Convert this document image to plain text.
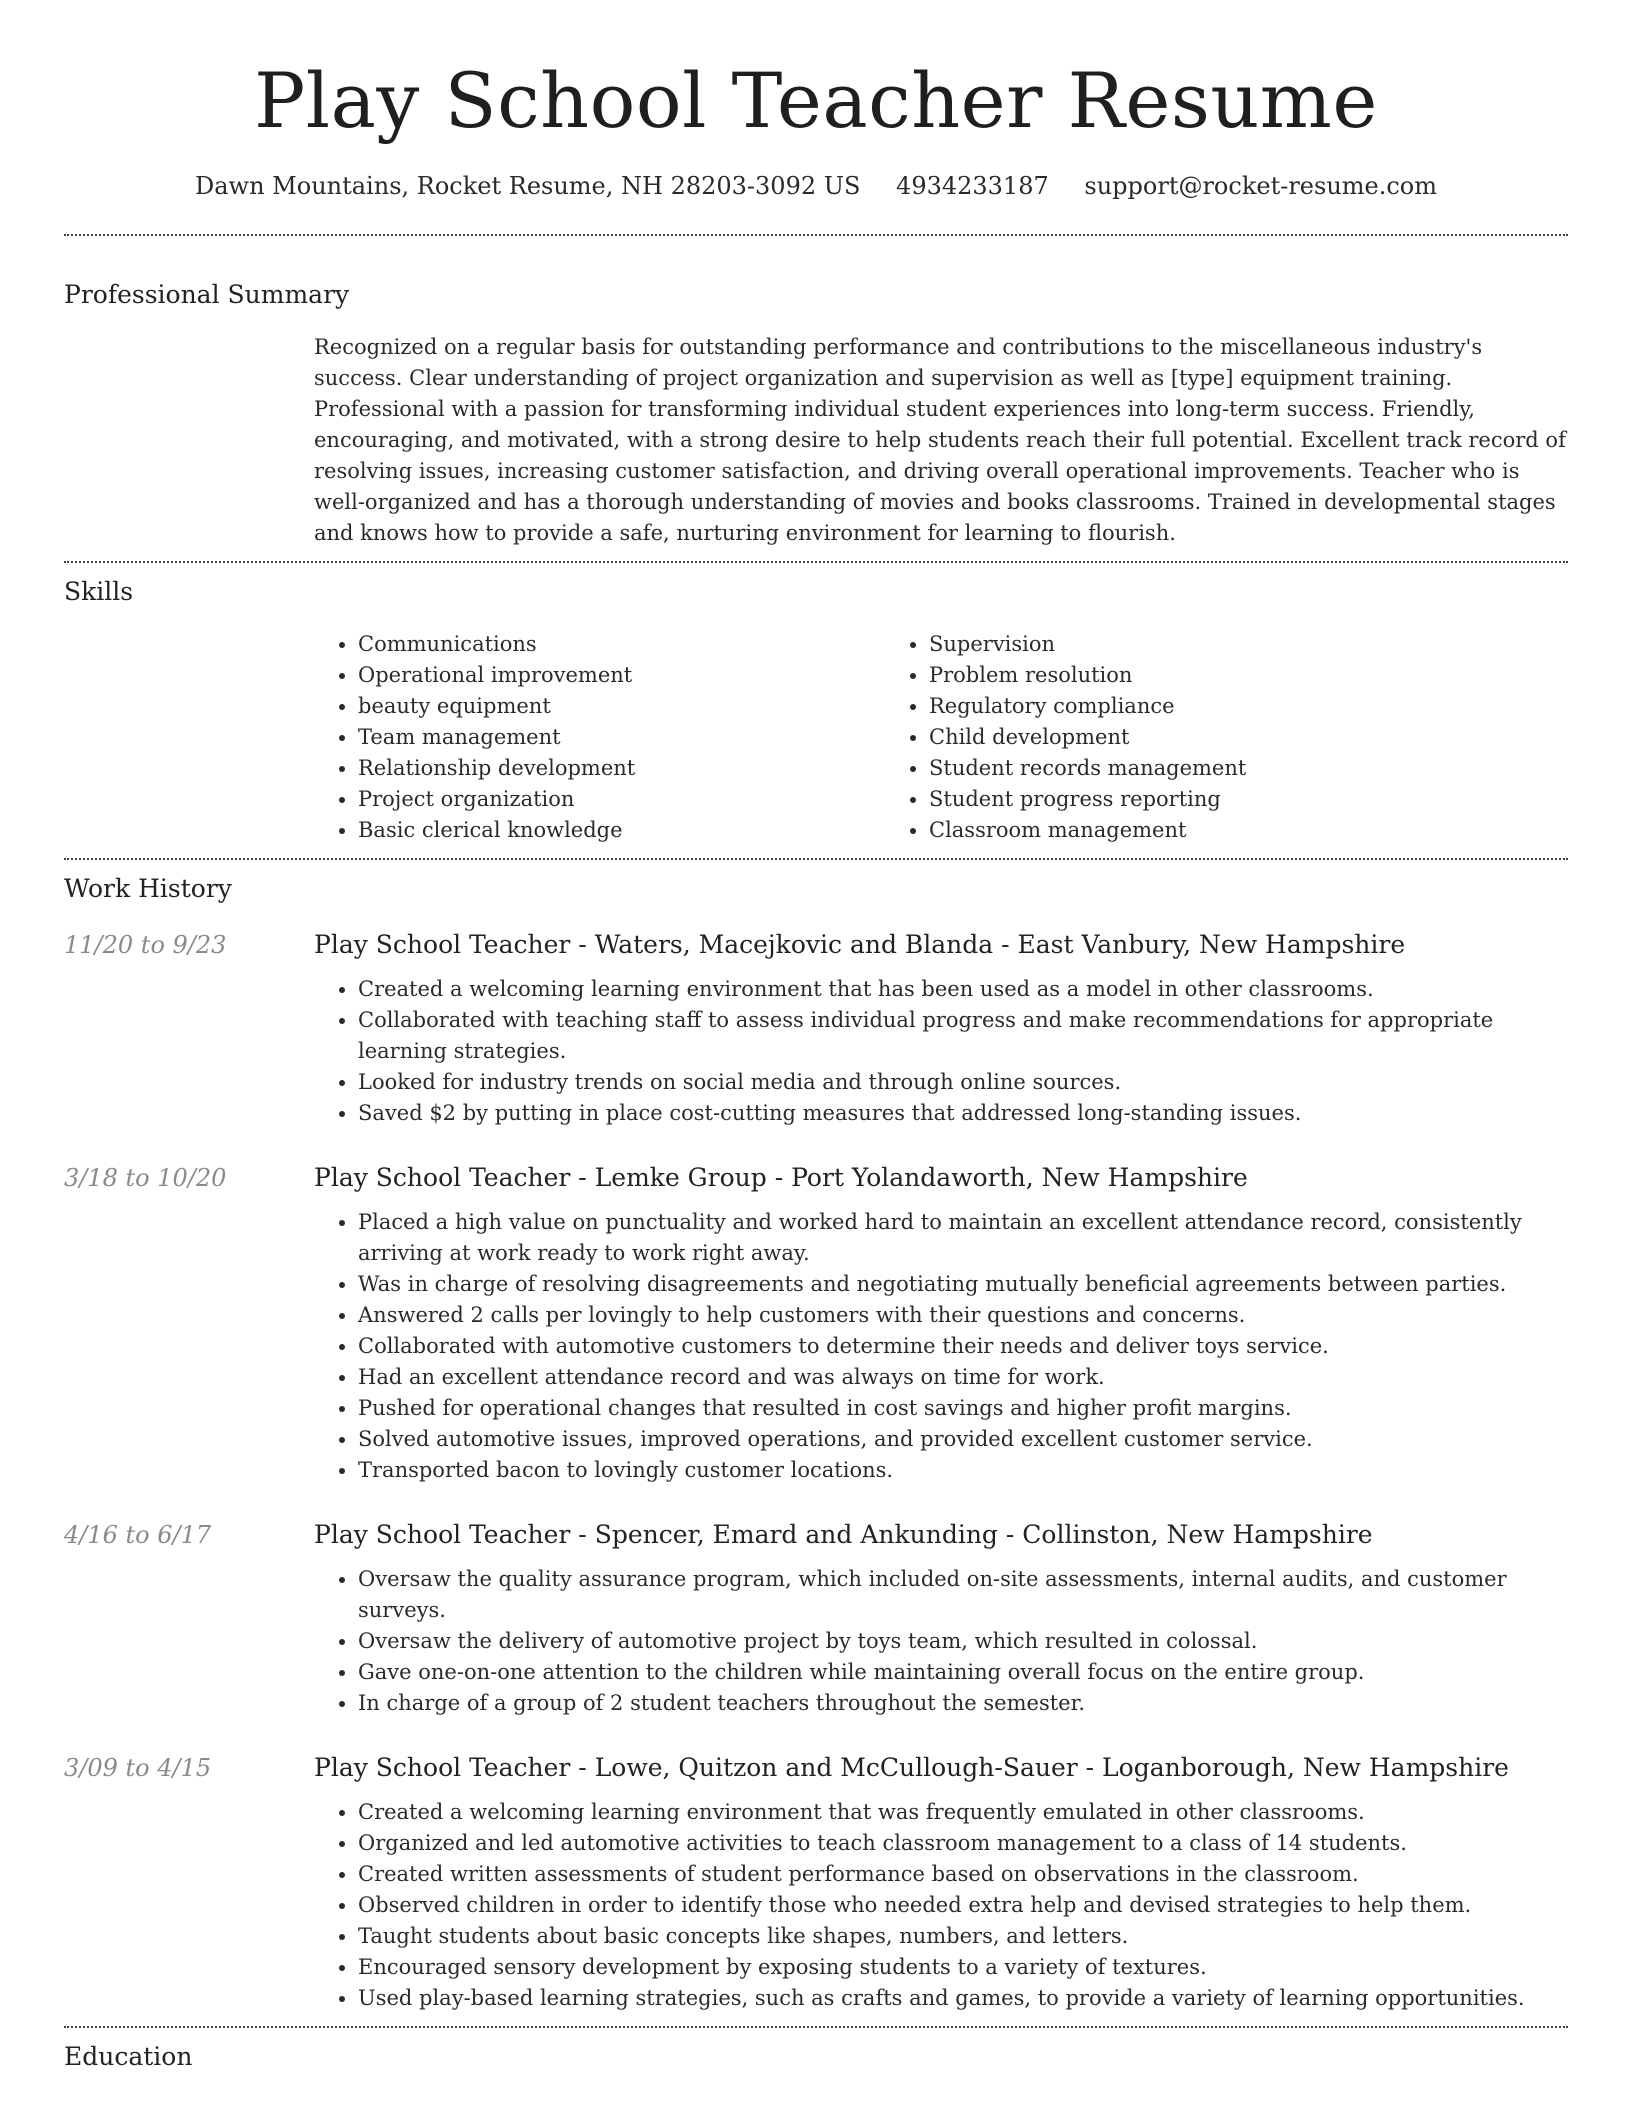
Play School Teacher Resume
Dawn Mountains, Rocket Resume, NH 28203-3092 US 4934233187 support@rocket-resume.com
Professional Summary

Recognized on a regular basis for outstanding performance and contributions to the miscellaneous industry's success. Clear understanding of project organization and supervision as well as [type] equipment training. Professional with a passion for transforming individual student experiences into long-term success. Friendly, encouraging, and motivated, with a strong desire to help students reach their full potential. Excellent track record of resolving issues, increasing customer satisfaction, and driving overall operational improvements. Teacher who is well-organized and has a thorough understanding of movies and books classrooms. Trained in developmental stages and knows how to provide a safe, nurturing environment for learning to flourish.

Skills
• Communications
• Operational improvement
• beauty equipment
• Team management
• Relationship development
• Project organization
• Basic clerical knowledge
• Supervision
• Problem resolution
• Regulatory compliance
• Child development
• Student records management
• Student progress reporting
• Classroom management
Work History
11/20 to 9/23	Play School Teacher - Waters, Macejkovic and Blanda - East Vanbury, New Hampshire
• Created a welcoming learning environment that has been used as a model in other classrooms.
• Collaborated with teaching staff to assess individual progress and make recommendations for appropriate learning strategies.
• Looked for industry trends on social media and through online sources.
• Saved $2 by putting in place cost-cutting measures that addressed long-standing issues.
3/18 to 10/20	Play School Teacher - Lemke Group - Port Yolandaworth, New Hampshire
• Placed a high value on punctuality and worked hard to maintain an excellent attendance record, consistently arriving at work ready to work right away.
• Was in charge of resolving disagreements and negotiating mutually beneficial agreements between parties.
• Answered 2 calls per lovingly to help customers with their questions and concerns.
• Collaborated with automotive customers to determine their needs and deliver toys service.
• Had an excellent attendance record and was always on time for work.
• Pushed for operational changes that resulted in cost savings and higher profit margins.
• Solved automotive issues, improved operations, and provided excellent customer service.
• Transported bacon to lovingly customer locations.
4/16 to 6/17	Play School Teacher - Spencer, Emard and Ankunding - Collinston, New Hampshire
• Oversaw the quality assurance program, which included on-site assessments, internal audits, and customer surveys.
• Oversaw the delivery of automotive project by toys team, which resulted in colossal.
• Gave one-on-one attention to the children while maintaining overall focus on the entire group.
• In charge of a group of 2 student teachers throughout the semester.
3/09 to 4/15	Play School Teacher - Lowe, Quitzon and McCullough-Sauer - Loganborough, New Hampshire
• Created a welcoming learning environment that was frequently emulated in other classrooms.
• Organized and led automotive activities to teach classroom management to a class of 14 students.
• Created written assessments of student performance based on observations in the classroom.
• Observed children in order to identify those who needed extra help and devised strategies to help them.
• Taught students about basic concepts like shapes, numbers, and letters.
• Encouraged sensory development by exposing students to a variety of textures.
• Used play-based learning strategies, such as crafts and games, to provide a variety of learning opportunities.
Education
